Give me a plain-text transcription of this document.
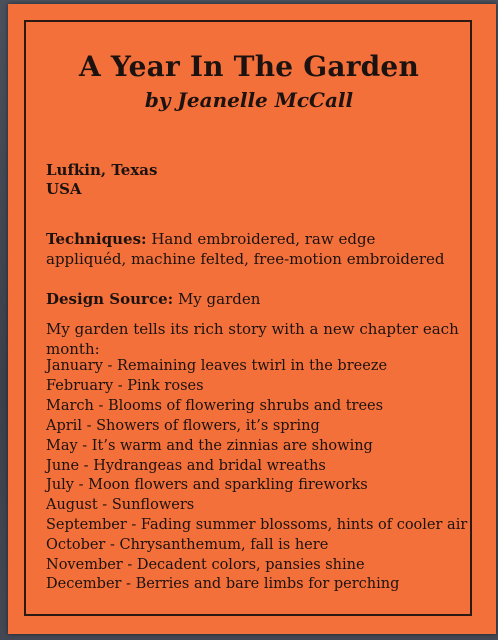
A Year In The Garden
by Jeanelle McCall
Lufkin, Texas
USA
Techniques: Hand embroidered, raw edge
appliquéd, machine felted, free-motion embroidered
Design Source: My garden
My garden tells its rich story with a new chapter each
month:
January - Remaining leaves twirl in the breeze
February - Pink roses
March - Blooms of flowering shrubs and trees
April - Showers of flowers, it’s spring
May - It’s warm and the zinnias are showing
June - Hydrangeas and bridal wreaths
July - Moon flowers and sparkling fireworks
August - Sunflowers
September - Fading summer blossoms, hints of cooler air
October - Chrysanthemum, fall is here
November - Decadent colors, pansies shine
December - Berries and bare limbs for perching
